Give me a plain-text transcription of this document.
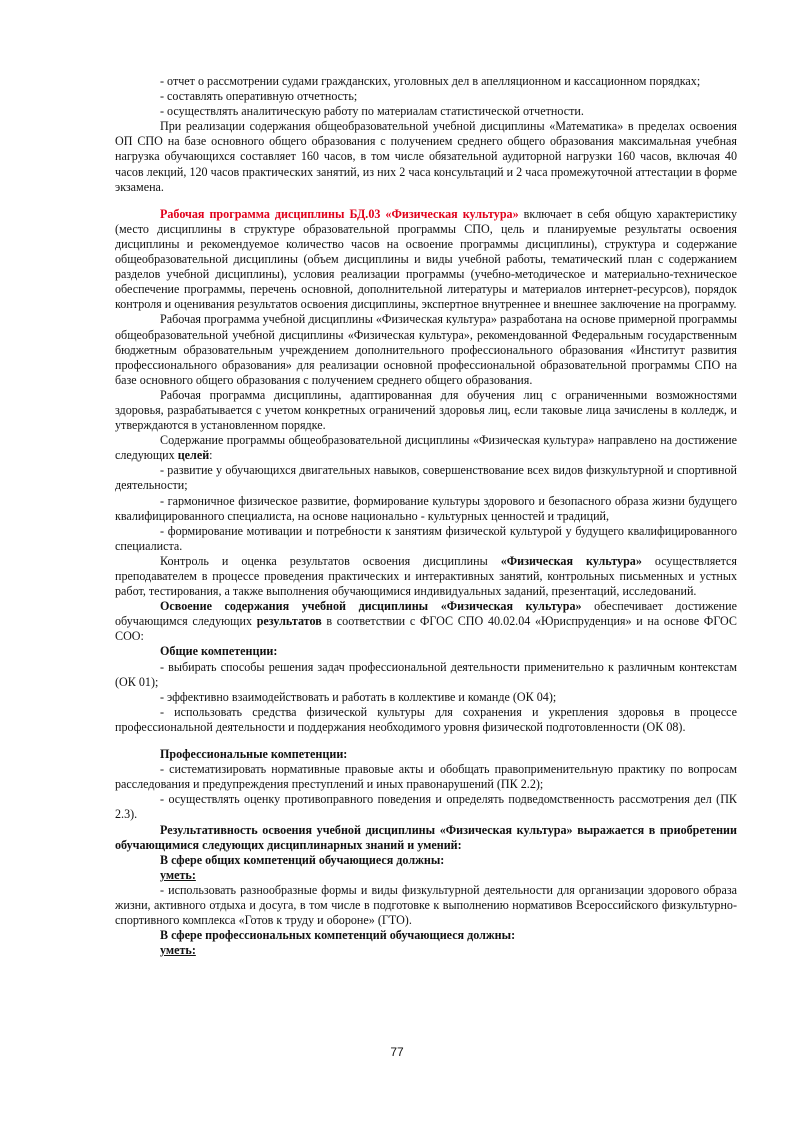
- отчет о рассмотрении судами гражданских, уголовных дел в апелляционном и кассационном порядках;

- составлять оперативную отчетность;

- осуществлять аналитическую работу по материалам статистической отчетности.

При реализации содержания общеобразовательной учебной дисциплины «Математика» в пределах освоения ОП СПО на базе основного общего образования с получением среднего общего образования максимальная учебная нагрузка обучающихся составляет 160 часов, в том числе обязательной аудиторной нагрузки 160 часов, включая 40 часов лекций, 120 часов практических занятий, из них 2 часа консультаций и 2 часа промежуточной аттестации в форме экзамена.

Рабочая программа дисциплины БД.03 «Физическая культура» включает в себя общую характеристику (место дисциплины в структуре образовательной программы СПО, цель и планируемые результаты освоения дисциплины и рекомендуемое количество часов на освоение программы дисциплины), структура и содержание общеобразовательной дисциплины (объем дисциплины и виды учебной работы, тематический план с содержанием разделов учебной дисциплины), условия реализации программы (учебно-методическое и материально-техническое обеспечение программы, перечень основной, дополнительной литературы и материалов интернет-ресурсов), порядок контроля и оценивания результатов освоения дисциплины, экспертное внутреннее и внешнее заключение на программу.

Рабочая программа учебной дисциплины «Физическая культура» разработана на основе примерной программы общеобразовательной учебной дисциплины «Физическая культура», рекомендованной Федеральным государственным бюджетным образовательным учреждением дополнительного профессионального образования «Институт развития профессионального образования» для реализации основной профессиональной образовательной программы СПО на базе основного общего образования с получением среднего общего образования.

Рабочая программа дисциплины, адаптированная для обучения лиц с ограниченными возможностями здоровья, разрабатывается с учетом конкретных ограничений здоровья лиц, если таковые лица зачислены в колледж, и утверждаются в установленном порядке.

Содержание программы общеобразовательной дисциплины «Физическая культура» направлено на достижение следующих целей:

- развитие у обучающихся двигательных навыков, совершенствование всех видов физкультурной и спортивной деятельности;

- гармоничное физическое развитие, формирование культуры здорового и безопасного образа жизни будущего квалифицированного специалиста, на основе национально - культурных ценностей и традиций,

- формирование мотивации и потребности к занятиям физической культурой у будущего квалифицированного специалиста.

Контроль и оценка результатов освоения дисциплины «Физическая культура» осуществляется преподавателем в процессе проведения практических и интерактивных занятий, контрольных письменных и устных работ, тестирования, а также выполнения обучающимися индивидуальных заданий, презентаций, исследований.

Освоение содержания учебной дисциплины «Физическая культура» обеспечивает достижение обучающимся следующих результатов в соответствии с ФГОС СПО 40.02.04 «Юриспруденция» и на основе ФГОС СОО:

Общие компетенции:

- выбирать способы решения задач профессиональной деятельности применительно к различным контекстам (ОК 01);

- эффективно взаимодействовать и работать в коллективе и команде (ОК 04);

- использовать средства физической культуры для сохранения и укрепления здоровья в процессе профессиональной деятельности и поддержания необходимого уровня физической подготовленности (ОК 08).

Профессиональные компетенции:

- систематизировать нормативные правовые акты и обобщать правоприменительную практику по вопросам расследования и предупреждения преступлений и иных правонарушений (ПК 2.2);

- осуществлять оценку противоправного поведения и определять подведомственность рассмотрения дел (ПК 2.3).

Результативность освоения учебной дисциплины «Физическая культура» выражается в приобретении обучающимися следующих дисциплинарных знаний и умений:

В сфере общих компетенций обучающиеся должны:

уметь:

- использовать разнообразные формы и виды физкультурной деятельности для организации здорового образа жизни, активного отдыха и досуга, в том числе в подготовке к выполнению нормативов Всероссийского физкультурно-спортивного комплекса «Готов к труду и обороне» (ГТО).

В сфере профессиональных компетенций обучающиеся должны:

уметь:

77
